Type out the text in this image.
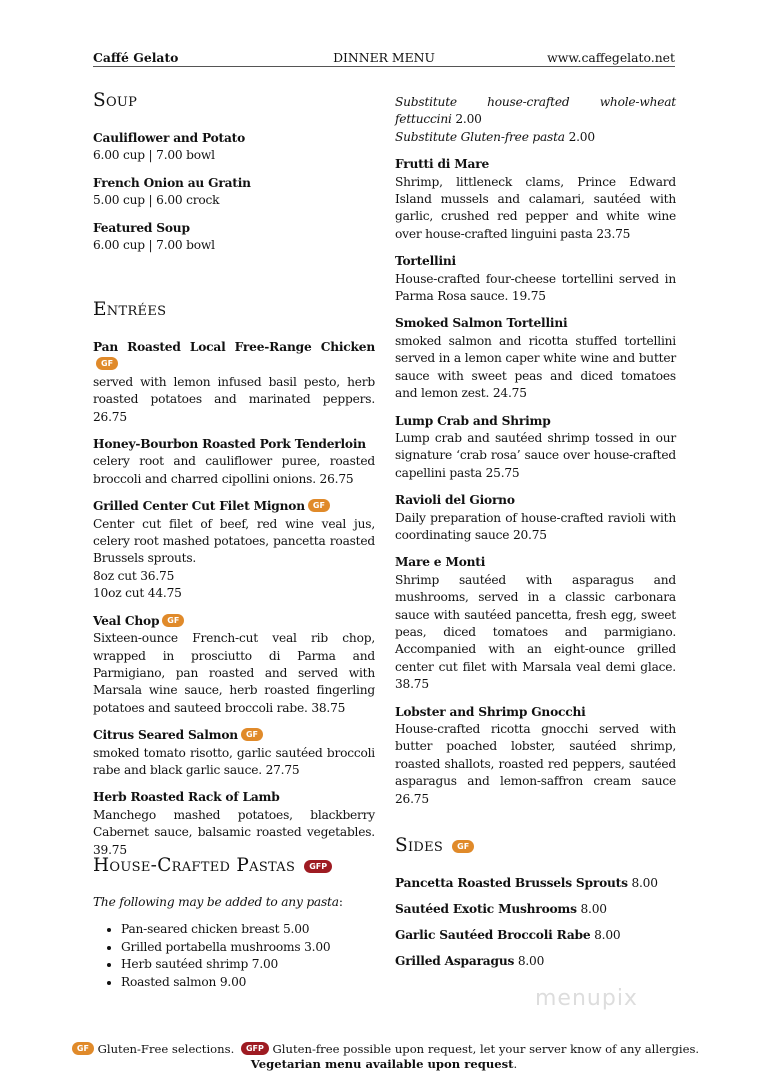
Caffé Gelato	DINNER MENU	www.caffegelato.net
Soup
Cauliflower and Potato
6.00 cup | 7.00 bowl
French Onion au Gratin
5.00 cup | 6.00 crock
Featured Soup
6.00 cup | 7.00 bowl
Entrées
Pan Roasted Local Free-Range ChickenGF
served with lemon infused basil pesto, herb roasted potatoes and marinated peppers. 26.75
Honey-Bourbon Roasted Pork Tenderloin
celery root and cauliflower puree, roasted broccoli and charred cipollini onions. 26.75
Grilled Center Cut Filet Mignon GF
Center cut filet of beef, red wine veal jus, celery root mashed potatoes, pancetta roasted Brussels sprouts.
8oz cut 36.75
10oz cut 44.75
Veal Chop GF
Sixteen-ounce French-cut veal rib chop, wrapped in prosciutto di Parma and Parmigiano, pan roasted and served with Marsala wine sauce, herb roasted fingerling potatoes and sauteed broccoli rabe. 38.75
Citrus Seared Salmon GF
smoked tomato risotto, garlic sautéed broccoli rabe and black garlic sauce. 27.75
Herb Roasted Rack of Lamb
Manchego mashed potatoes, blackberry Cabernet sauce, balsamic roasted vegetables. 39.75
House-Crafted Pastas	GFP
The following may be added to any pasta:
• Pan-seared chicken breast 5.00
• Grilled portabella mushrooms 3.00
• Herb sautéed shrimp 7.00
• Roasted salmon 9.00
Substitute house-crafted whole-wheat fettuccini 2.00
Substitute Gluten-free pasta 2.00
Frutti di Mare
Shrimp, littleneck clams, Prince Edward Island mussels and calamari, sautéed with garlic, crushed red pepper and white wine over house-crafted linguini pasta 23.75
Tortellini
House-crafted four-cheese tortellini served in Parma Rosa sauce. 19.75
Smoked Salmon Tortellini
smoked salmon and ricotta stuffed tortellini served in a lemon caper white wine and butter sauce with sweet peas and diced tomatoes and lemon zest. 24.75
Lump Crab and Shrimp
Lump crab and sautéed shrimp tossed in our signature ‘crab rosa’ sauce over house-crafted capellini pasta 25.75
Ravioli del Giorno
Daily preparation of house-crafted ravioli with coordinating sauce 20.75
Mare e Monti
Shrimp sautéed with asparagus and mushrooms, served in a classic carbonara sauce with sautéed pancetta, fresh egg, sweet peas, diced tomatoes and parmigiano. Accompanied with an eight-ounce grilled center cut filet with Marsala veal demi glace. 38.75
Lobster and Shrimp Gnocchi
House-crafted ricotta gnocchi served with butter poached lobster, sautéed shrimp, roasted shallots, roasted red peppers, sautéed asparagus and lemon-saffron cream sauce 26.75
Sides	GF
Pancetta Roasted Brussels Sprouts 8.00
Sautéed Exotic Mushrooms 8.00
Garlic Sautéed Broccoli Rabe 8.00
Grilled Asparagus 8.00
menupix
GF Gluten-Free selections. GFP Gluten-free possible upon request, let your server know of any allergies.
Vegetarian menu available upon request.
